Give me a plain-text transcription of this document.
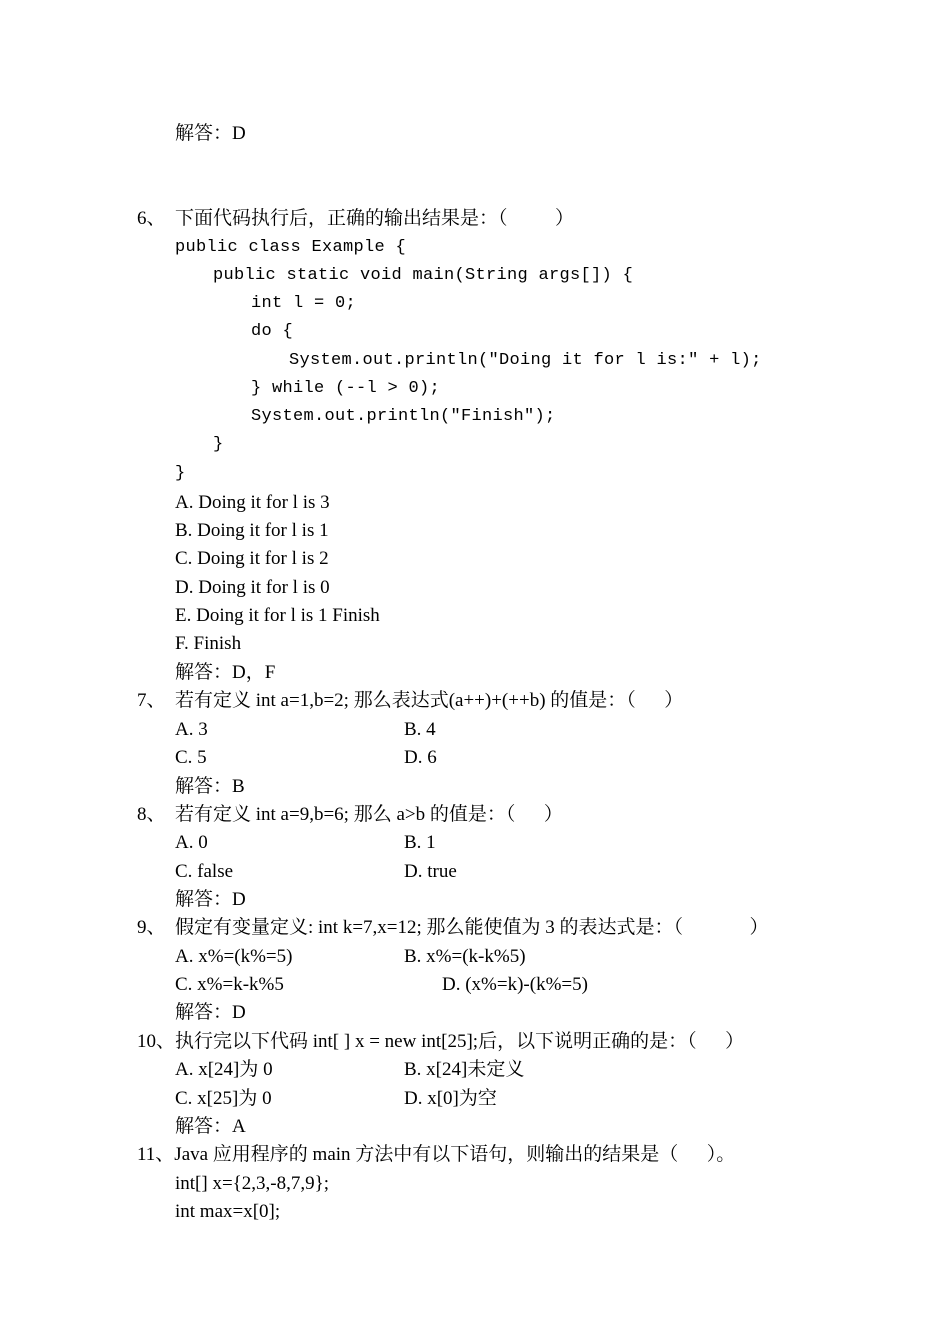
解答：D
6、  下面代码执行后，正确的输出结果是：（          ）
public class Example {
public static void main(String args[]) {
int l = 0;
do {
System.out.println("Doing it for l is:" + l);
} while (--l > 0);
System.out.println("Finish");
}
}
A. Doing it for l is 3
B. Doing it for l is 1
C. Doing it for l is 2
D. Doing it for l is 0
E. Doing it for l is 1 Finish
F. Finish
解答：D，F
7、  若有定义 int a=1,b=2; 那么表达式(a++)+(++b) 的值是：（      ）
A. 3	B. 4
C. 5	D. 6
解答：B
8、  若有定义 int a=9,b=6; 那么 a>b 的值是：（      ）
A. 0	B. 1
C. false	D. true
解答：D
9、  假定有变量定义: int k=7,x=12; 那么能使值为 3 的表达式是：（              ）
A. x%=(k%=5)	B. x%=(k-k%5)
C. x%=k-k%5	D. (x%=k)-(k%=5)
解答：D
10、执行完以下代码 int[ ] x = new int[25];后，以下说明正确的是：（      ）
A. x[24]为 0	B. x[24]未定义
C. x[25]为 0	D. x[0]为空
解答：A
11、Java 应用程序的 main 方法中有以下语句，则输出的结果是（      ）。
int[] x={2,3,-8,7,9};
int max=x[0];
